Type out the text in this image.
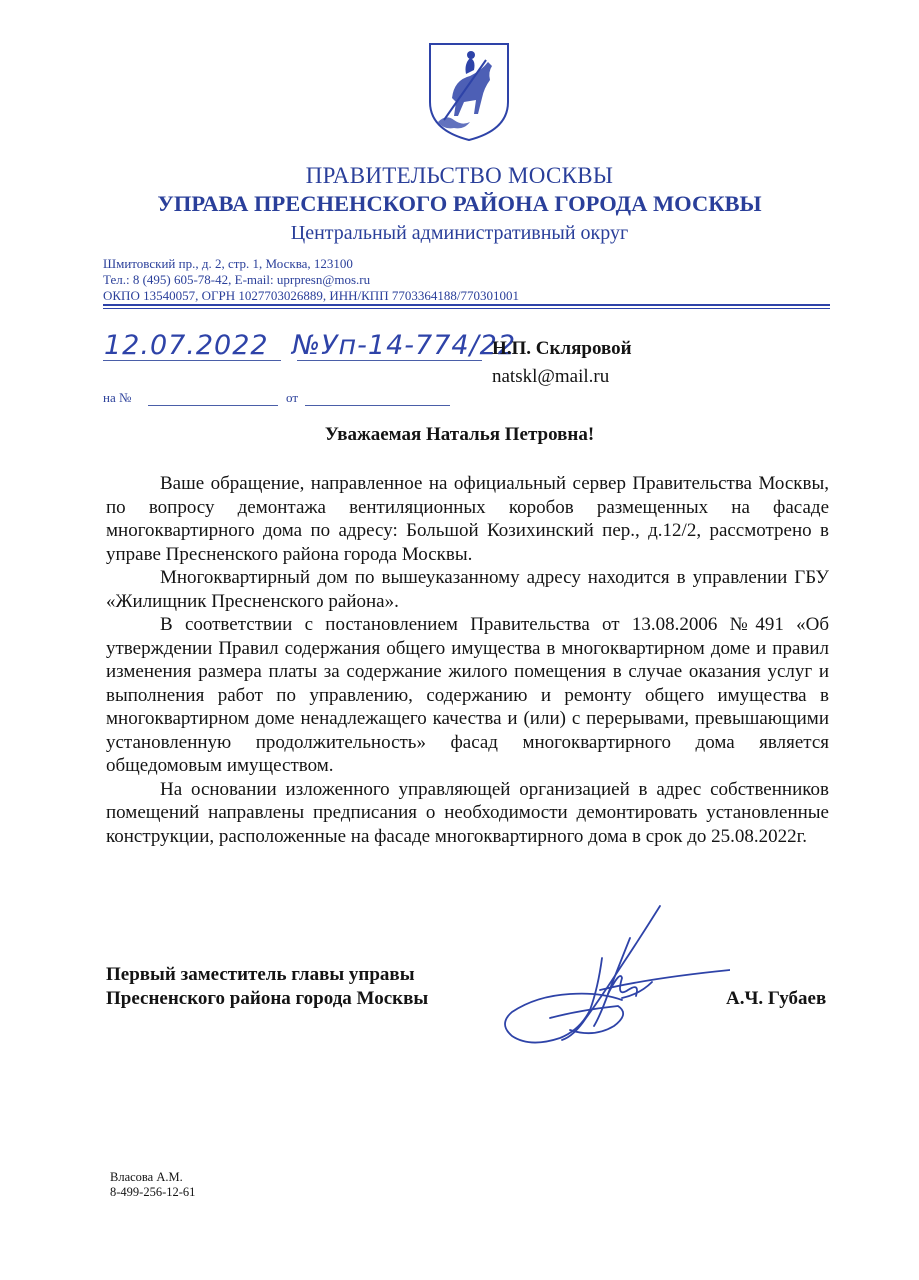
ПРАВИТЕЛЬСТВО МОСКВЫ
УПРАВА ПРЕСНЕНСКОГО РАЙОНА ГОРОДА МОСКВЫ
Центральный административный округ
Шмитовский пр., д. 2, стр. 1, Москва, 123100
Тел.: 8 (495) 605-78-42, E-mail: uprpresn@mos.ru
ОКПО 13540057, ОГРН 1027703026889, ИНН/КПП 7703364188/770301001
12.07.2022 №Уп-14-774/22
Н.П. Скляровой
natskl@mail.ru
на №	от
Уважаемая Наталья Петровна!

Ваше обращение, направленное на официальный сервер Правительства Москвы, по вопросу демонтажа вентиляционных коробов размещенных на фасаде многоквартирного дома по адресу: Большой Козихинский пер., д.12/2, рассмотрено в управе Пресненского района города Москвы.

Многоквартирный дом по вышеуказанному адресу находится в управлении ГБУ «Жилищник Пресненского района».

В соответствии с постановлением Правительства от 13.08.2006 №491 «Об утверждении Правил содержания общего имущества в многоквартирном доме и правил изменения размера платы за содержание жилого помещения в случае оказания услуг и выполнения работ по управлению, содержанию и ремонту общего имущества в многоквартирном доме ненадлежащего качества и (или) с перерывами, превышающими установленную продолжительность» фасад многоквартирного дома является общедомовым имуществом.

На основании изложенного управляющей организацией в адрес собственников помещений направлены предписания о необходимости демонтировать установленные конструкции, расположенные на фасаде многоквартирного дома в срок до 25.08.2022г.

Первый заместитель главы управы
Пресненского района города Москвы	А.Ч. Губаев
Власова А.М.
8-499-256-12-61
